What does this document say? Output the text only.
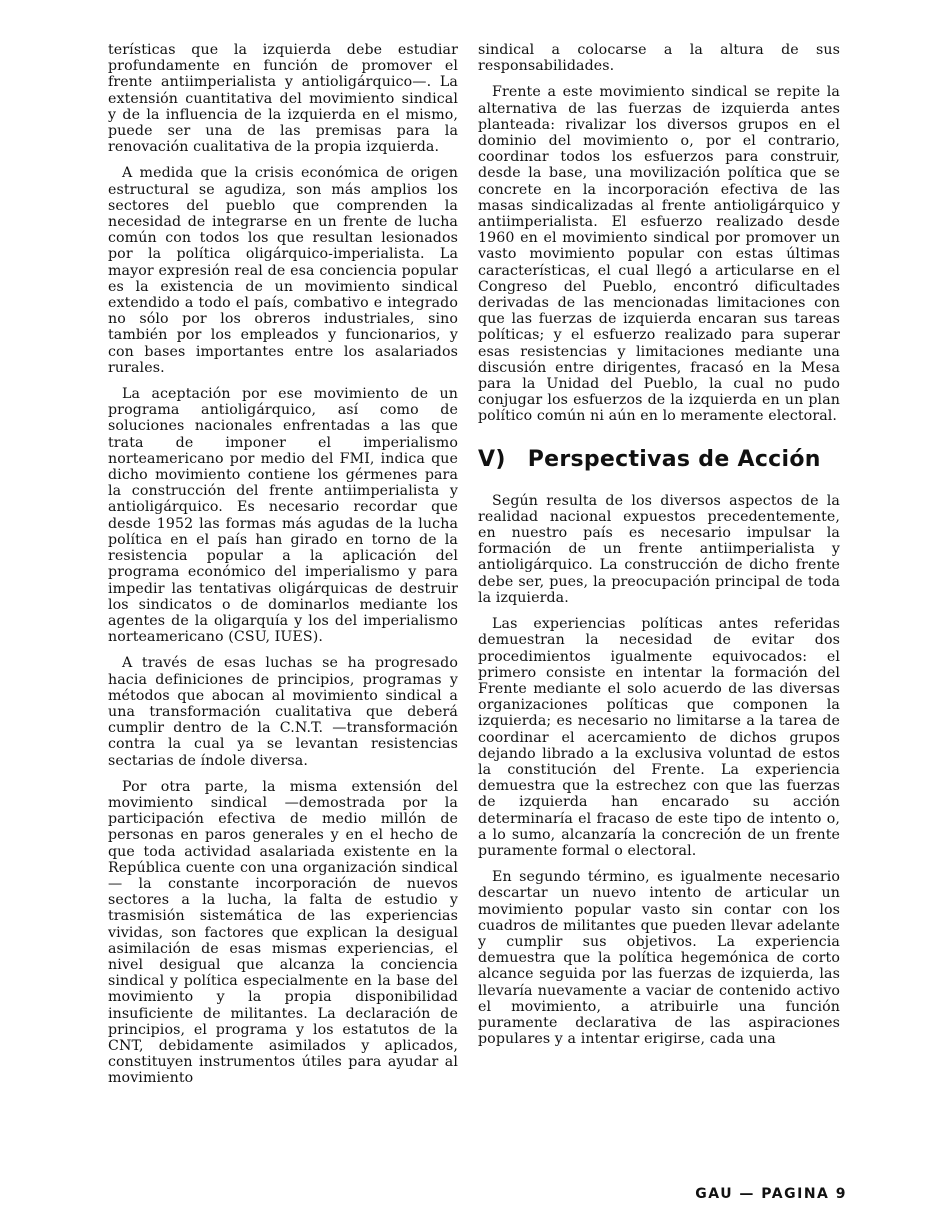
terísticas que la izquierda debe estudiar profundamente en función de promover el frente antiimperialista y antioligárquico—. La extensión cuantitativa del movimiento sindical y de la influencia de la izquierda en el mismo, puede ser una de las premisas para la renovación cualitativa de la propia izquierda.

A medida que la crisis económica de origen estructural se agudiza, son más amplios los sectores del pueblo que comprenden la necesidad de integrarse en un frente de lucha común con todos los que resultan lesionados por la política oligárquico-imperialista. La mayor expresión real de esa conciencia popular es la existencia de un movimiento sindical extendido a todo el país, combativo e integrado no sólo por los obreros industriales, sino también por los empleados y funcionarios, y con bases importantes entre los asalariados rurales.

La aceptación por ese movimiento de un programa antioligárquico, así como de soluciones nacionales enfrentadas a las que trata de imponer el imperialismo norteamericano por medio del FMI, indica que dicho movimiento contiene los gérmenes para la construcción del frente antiimperialista y antioligárquico. Es necesario recordar que desde 1952 las formas más agudas de la lucha política en el país han girado en torno de la resistencia popular a la aplicación del programa económico del imperialismo y para impedir las tentativas oligárquicas de destruir los sindicatos o de dominarlos mediante los agentes de la oligarquía y los del imperialismo norteamericano (CSU, IUES).

A través de esas luchas se ha progresado hacia definiciones de principios, programas y métodos que abocan al movimiento sindical a una transformación cualitativa que deberá cumplir dentro de la C.N.T. —transformación contra la cual ya se levantan resistencias sectarias de índole diversa.

Por otra parte, la misma extensión del movimiento sindical —demostrada por la participación efectiva de medio millón de personas en paros generales y en el hecho de que toda actividad asalariada existente en la República cuente con una organización sindical— la constante incorporación de nuevos sectores a la lucha, la falta de estudio y trasmisión sistemática de las experiencias vividas, son factores que explican la desigual asimilación de esas mismas experiencias, el nivel desigual que alcanza la conciencia sindical y política especialmente en la base del movimiento y la propia disponibilidad insuficiente de militantes. La declaración de principios, el programa y los estatutos de la CNT, debidamente asimilados y aplicados, constituyen instrumentos útiles para ayudar al movimiento

sindical a colocarse a la altura de sus responsabilidades.

Frente a este movimiento sindical se repite la alternativa de las fuerzas de izquierda antes planteada: rivalizar los diversos grupos en el dominio del movimiento o, por el contrario, coordinar todos los esfuerzos para construir, desde la base, una movilización política que se concrete en la incorporación efectiva de las masas sindicalizadas al frente antioligárquico y antiimperialista. El esfuerzo realizado desde 1960 en el movimiento sindical por promover un vasto movimiento popular con estas últimas características, el cual llegó a articularse en el Congreso del Pueblo, encontró dificultades derivadas de las mencionadas limitaciones con que las fuerzas de izquierda encaran sus tareas políticas; y el esfuerzo realizado para superar esas resistencias y limitaciones mediante una discusión entre dirigentes, fracasó en la Mesa para la Unidad del Pueblo, la cual no pudo conjugar los esfuerzos de la izquierda en un plan político común ni aún en lo meramente electoral.

V) Perspectivas de Acción

Según resulta de los diversos aspectos de la realidad nacional expuestos precedentemente, en nuestro país es necesario impulsar la formación de un frente antiimperialista y antioligárquico. La construcción de dicho frente debe ser, pues, la preocupación principal de toda la izquierda.

Las experiencias políticas antes referidas demuestran la necesidad de evitar dos procedimientos igualmente equivocados: el primero consiste en intentar la formación del Frente mediante el solo acuerdo de las diversas organizaciones políticas que componen la izquierda; es necesario no limitarse a la tarea de coordinar el acercamiento de dichos grupos dejando librado a la exclusiva voluntad de estos la constitución del Frente. La experiencia demuestra que la estrechez con que las fuerzas de izquierda han encarado su acción determinaría el fracaso de este tipo de intento o, a lo sumo, alcanzaría la concreción de un frente puramente formal o electoral.

En segundo término, es igualmente necesario descartar un nuevo intento de articular un movimiento popular vasto sin contar con los cuadros de militantes que pueden llevar adelante y cumplir sus objetivos. La experiencia demuestra que la política hegemónica de corto alcance seguida por las fuerzas de izquierda, las llevaría nuevamente a vaciar de contenido activo el movimiento, a atribuirle una función puramente declarativa de las aspiraciones populares y a intentar erigirse, cada una

GAU — PAGINA 9
